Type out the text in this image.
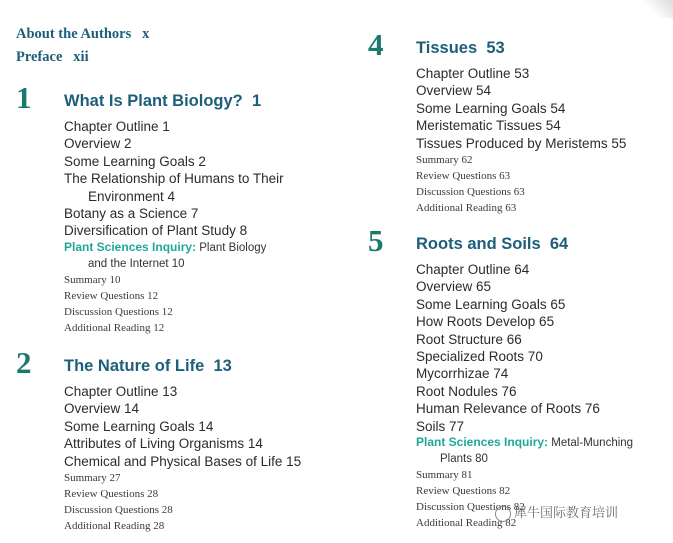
About the Authors x
Preface xii
1 What Is Plant Biology? 1
Chapter Outline 1
Overview 2
Some Learning Goals 2
The Relationship of Humans to Their
Environment 4
Botany as a Science 7
Diversification of Plant Study 8
Plant Sciences Inquiry: Plant Biology
and the Internet 10
Summary 10
Review Questions 12
Discussion Questions 12
Additional Reading 12
2 The Nature of Life 13
Chapter Outline 13
Overview 14
Some Learning Goals 14
Attributes of Living Organisms 14
Chemical and Physical Bases of Life 15
Summary 27
Review Questions 28
Discussion Questions 28
Additional Reading 28
4 Tissues 53
Chapter Outline 53
Overview 54
Some Learning Goals 54
Meristematic Tissues 54
Tissues Produced by Meristems 55
Summary 62
Review Questions 63
Discussion Questions 63
Additional Reading 63
5 Roots and Soils 64
Chapter Outline 64
Overview 65
Some Learning Goals 65
How Roots Develop 65
Root Structure 66
Specialized Roots 70
Mycorrhizae 74
Root Nodules 76
Human Relevance of Roots 76
Soils 77
Plant Sciences Inquiry: Metal-Munching
Plants 80
Summary 81
Review Questions 82
Discussion Questions 82
Additional Reading 82
犀牛国际教育培训
